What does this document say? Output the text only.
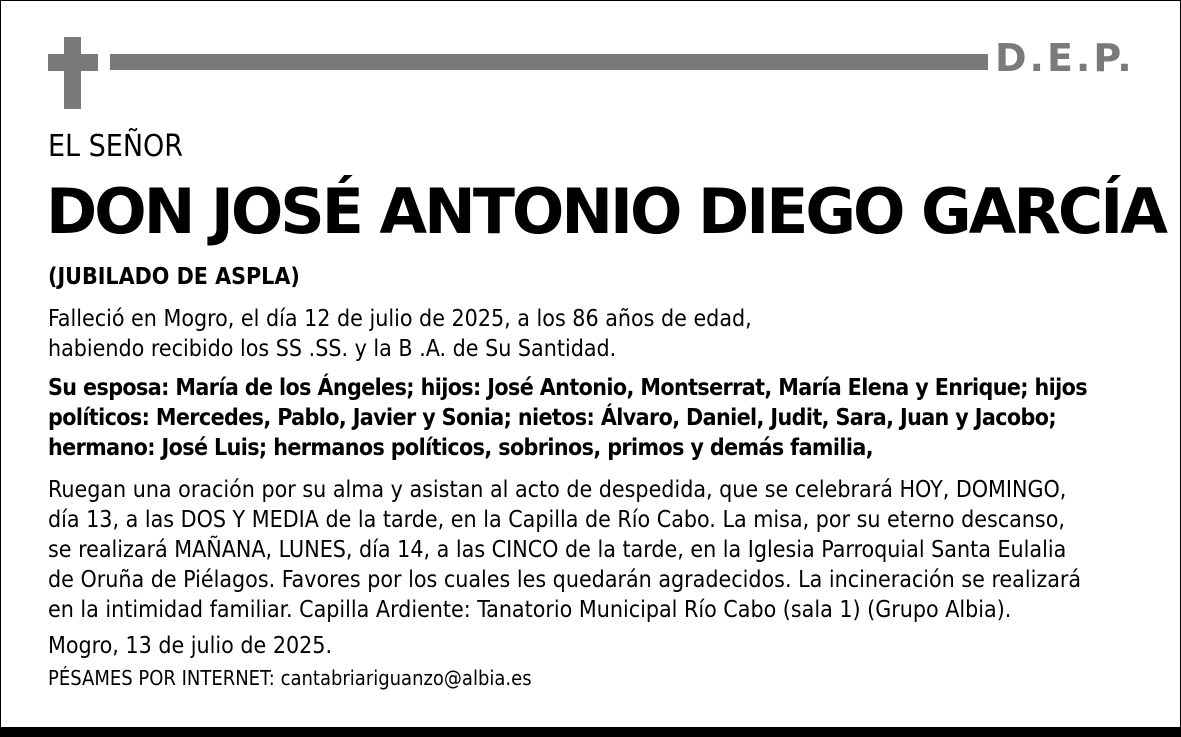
D.E.P.
EL SEÑOR
DON JOSÉ ANTONIO DIEGO GARCÍA
(JUBILADO DE ASPLA)
Falleció en Mogro, el día 12 de julio de 2025, a los 86 años de edad,
habiendo recibido los SS .SS. y la B .A. de Su Santidad.
Su esposa: María de los Ángeles; hijos: José Antonio, Montserrat, María Elena y Enrique; hijos
políticos: Mercedes, Pablo, Javier y Sonia; nietos: Álvaro, Daniel, Judit, Sara, Juan y Jacobo;
hermano: José Luis; hermanos políticos, sobrinos, primos y demás familia,
Ruegan una oración por su alma y asistan al acto de despedida, que se celebrará HOY, DOMINGO,
día 13, a las DOS Y MEDIA de la tarde, en la Capilla de Río Cabo. La misa, por su eterno descanso,
se realizará MAÑANA, LUNES, día 14, a las CINCO de la tarde, en la Iglesia Parroquial Santa Eulalia
de Oruña de Piélagos. Favores por los cuales les quedarán agradecidos. La incineración se realizará
en la intimidad familiar. Capilla Ardiente: Tanatorio Municipal Río Cabo (sala 1) (Grupo Albia).
Mogro, 13 de julio de 2025.
PÉSAMES POR INTERNET: cantabriariguanzo@albia.es
